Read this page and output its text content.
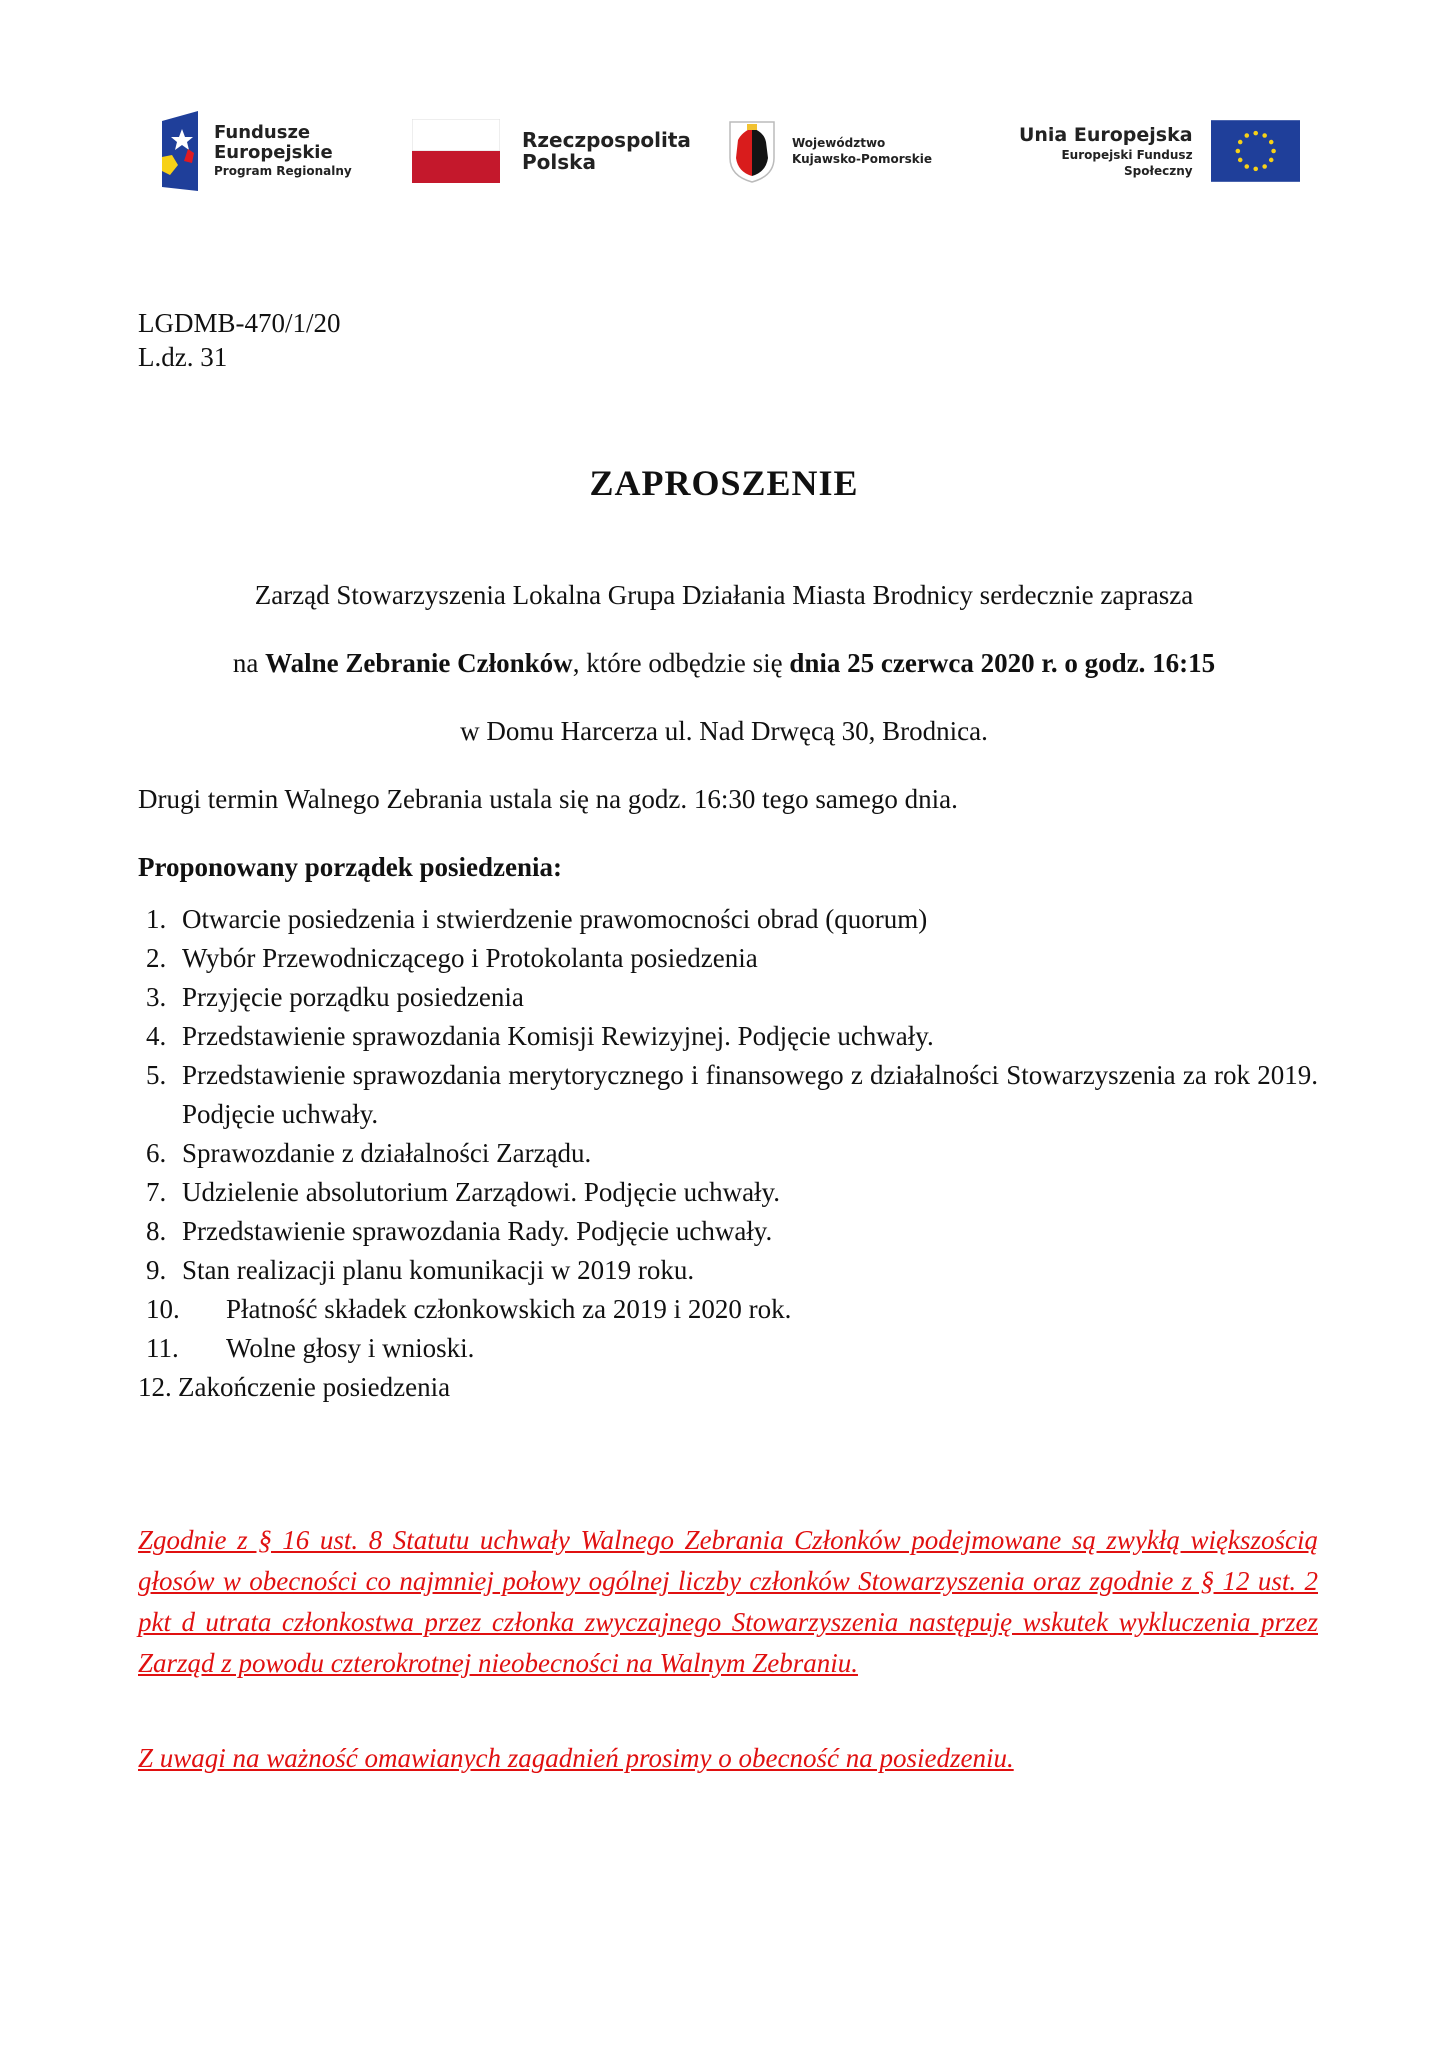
Fundusze
Europejskie
Program Regionalny
Rzeczpospolita
Polska
Województwo
Kujawsko-Pomorskie
Unia Europejska
Europejski Fundusz Społeczny
LGDMB-470/1/20
L.dz. 31
ZAPROSZENIE
Zarząd Stowarzyszenia Lokalna Grupa Działania Miasta Brodnicy serdecznie zaprasza
na Walne Zebranie Członków, które odbędzie się dnia 25 czerwca 2020 r. o godz. 16:15
w Domu Harcerza ul. Nad Drwęcą 30, Brodnica.
Drugi termin Walnego Zebrania ustala się na godz. 16:30 tego samego dnia.
Proponowany porządek posiedzenia:
1. Otwarcie posiedzenia i stwierdzenie prawomocności obrad (quorum)
2. Wybór Przewodniczącego i Protokolanta posiedzenia
3. Przyjęcie porządku posiedzenia
4. Przedstawienie sprawozdania Komisji Rewizyjnej. Podjęcie uchwały.
5. Przedstawienie sprawozdania merytorycznego i finansowego z działalności Stowarzyszenia za rok 2019. Podjęcie uchwały.
6. Sprawozdanie z działalności Zarządu.
7. Udzielenie absolutorium Zarządowi. Podjęcie uchwały.
8. Przedstawienie sprawozdania Rady. Podjęcie uchwały.
9. Stan realizacji planu komunikacji w 2019 roku.
10.	Płatność składek członkowskich za 2019 i 2020 rok.
11.	Wolne głosy i wnioski.
12. Zakończenie posiedzenia
Zgodnie z § 16 ust. 8 Statutu uchwały Walnego Zebrania Członków podejmowane są zwykłą większością głosów w obecności co najmniej połowy ogólnej liczby członków Stowarzyszenia oraz zgodnie z § 12 ust. 2 pkt d utrata członkostwa przez członka zwyczajnego Stowarzyszenia następuję wskutek wykluczenia przez Zarząd z powodu czterokrotnej nieobecności na Walnym Zebraniu.
Z uwagi na ważność omawianych zagadnień prosimy o obecność na posiedzeniu.
